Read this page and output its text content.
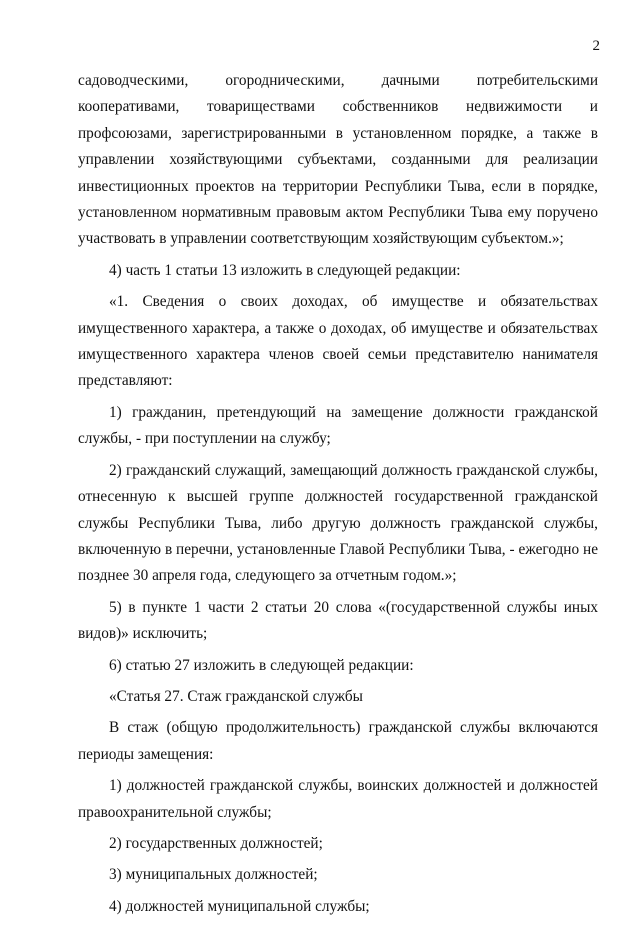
2

садоводческими, огородническими, дачными потребительскими кооперативами, товариществами собственников недвижимости и профсоюзами, зарегистрированными в установленном порядке, а также в управлении хозяйствующими субъектами, созданными для реализации инвестиционных проектов на территории Республики Тыва, если в порядке, установленном нормативным правовым актом Республики Тыва ему поручено участвовать в управлении соответствующим хозяйствующим субъектом.»;

4) часть 1 статьи 13 изложить в следующей редакции:

«1. Сведения о своих доходах, об имуществе и обязательствах имущественного характера, а также о доходах, об имуществе и обязательствах имущественного характера членов своей семьи представителю нанимателя представляют:

1) гражданин, претендующий на замещение должности гражданской службы, - при поступлении на службу;

2) гражданский служащий, замещающий должность гражданской службы, отнесенную к высшей группе должностей государственной гражданской службы Республики Тыва, либо другую должность гражданской службы, включенную в перечни, установленные Главой Республики Тыва, - ежегодно не позднее 30 апреля года, следующего за отчетным годом.»;

5) в пункте 1 части 2 статьи 20 слова «(государственной службы иных видов)» исключить;

6) статью 27 изложить в следующей редакции:

«Статья 27. Стаж гражданской службы

В стаж (общую продолжительность) гражданской службы включаются периоды замещения:

1) должностей гражданской службы, воинских должностей и должностей правоохранительной службы;

2) государственных должностей;

3) муниципальных должностей;

4) должностей муниципальной службы;
